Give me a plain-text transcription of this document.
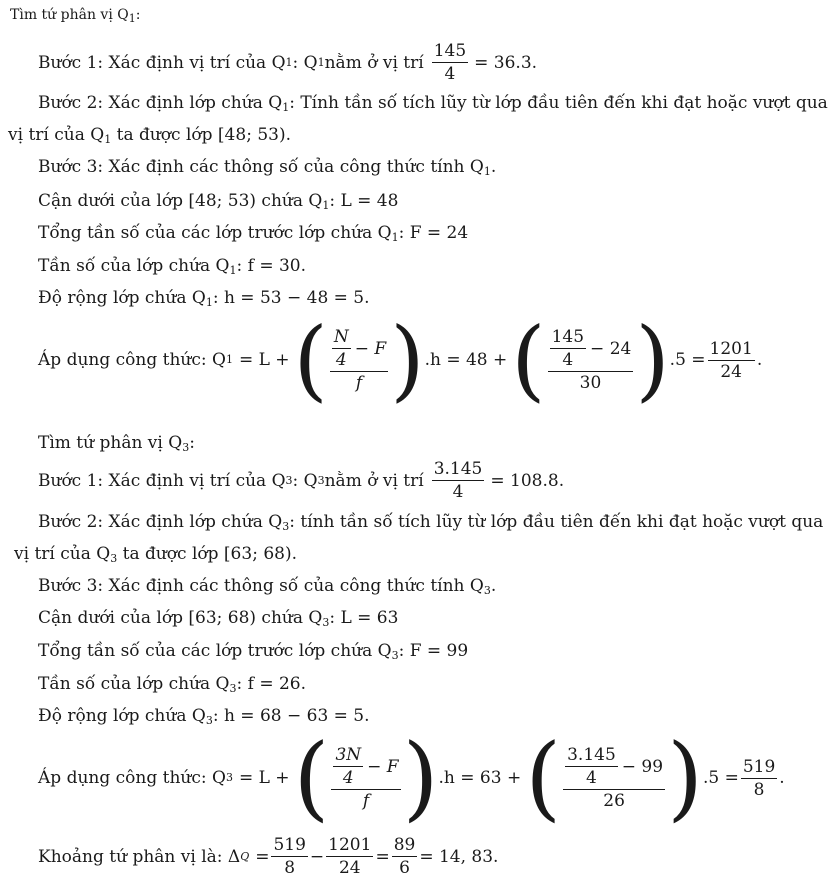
Tìm tứ phân vị $Q_1$:
Bước 1: Xác định vị trí của Q 1 : Q 1 nằm ở vị trí $\frac{145}{4} = 36.3$.
Bước 2: Xác định lớp chứa $Q_1$: Tính tần số tích lũy từ lớp đầu tiên đến khi đạt hoặc vượt qua
vị trí của $Q_1$ ta được lớp [48; 53).
Bước 3: Xác định các thông số của công thức tính $Q_1$.
Cận dưới của lớp [48; 53) chứa $Q_1$: L = 48
Tổng tần số của các lớp trước lớp chứa $Q_1$: F = 24
Tần số của lớp chứa $Q_1$: f = 30.
Độ rộng lớp chứa $Q_1$: h = 53 − 48 = 5.
Áp dụng công thức: Q 1 = L + ( $\frac{\frac{N}{4} - F}{f}$ ) .h = 48 + ( $\frac{\frac{145}{4} - 24}{30}$ ) $.5 = \frac{1201}{24}$ .
Tìm tứ phân vị $Q_3$:
Bước 1: Xác định vị trí của Q 3 : Q 3 nằm ở vị trí $\frac{3.145}{4} = 108.8$.
Bước 2: Xác định lớp chứa $Q_3$: tính tần số tích lũy từ lớp đầu tiên đến khi đạt hoặc vượt qua
vị trí của $Q_3$ ta được lớp [63; 68).
Bước 3: Xác định các thông số của công thức tính $Q_3$.
Cận dưới của lớp [63; 68) chứa $Q_3$: L = 63
Tổng tần số của các lớp trước lớp chứa $Q_3$: F = 99
Tần số của lớp chứa $Q_3$: f = 26.
Độ rộng lớp chứa $Q_3$: h = 68 − 63 = 5.
Áp dụng công thức: Q 3 = L + ( $\frac{\frac{3N}{4} - F}{f}$ ) .h = 63 + ( $\frac{\frac{3.145}{4} - 99}{26}$ ) $.5 = \frac{519}{8}$ .
Khoảng tứ phân vị là: Δ $Q = \frac{519}{8} - \frac{1201}{24} = \frac{89}{6} = 14$, 83.
